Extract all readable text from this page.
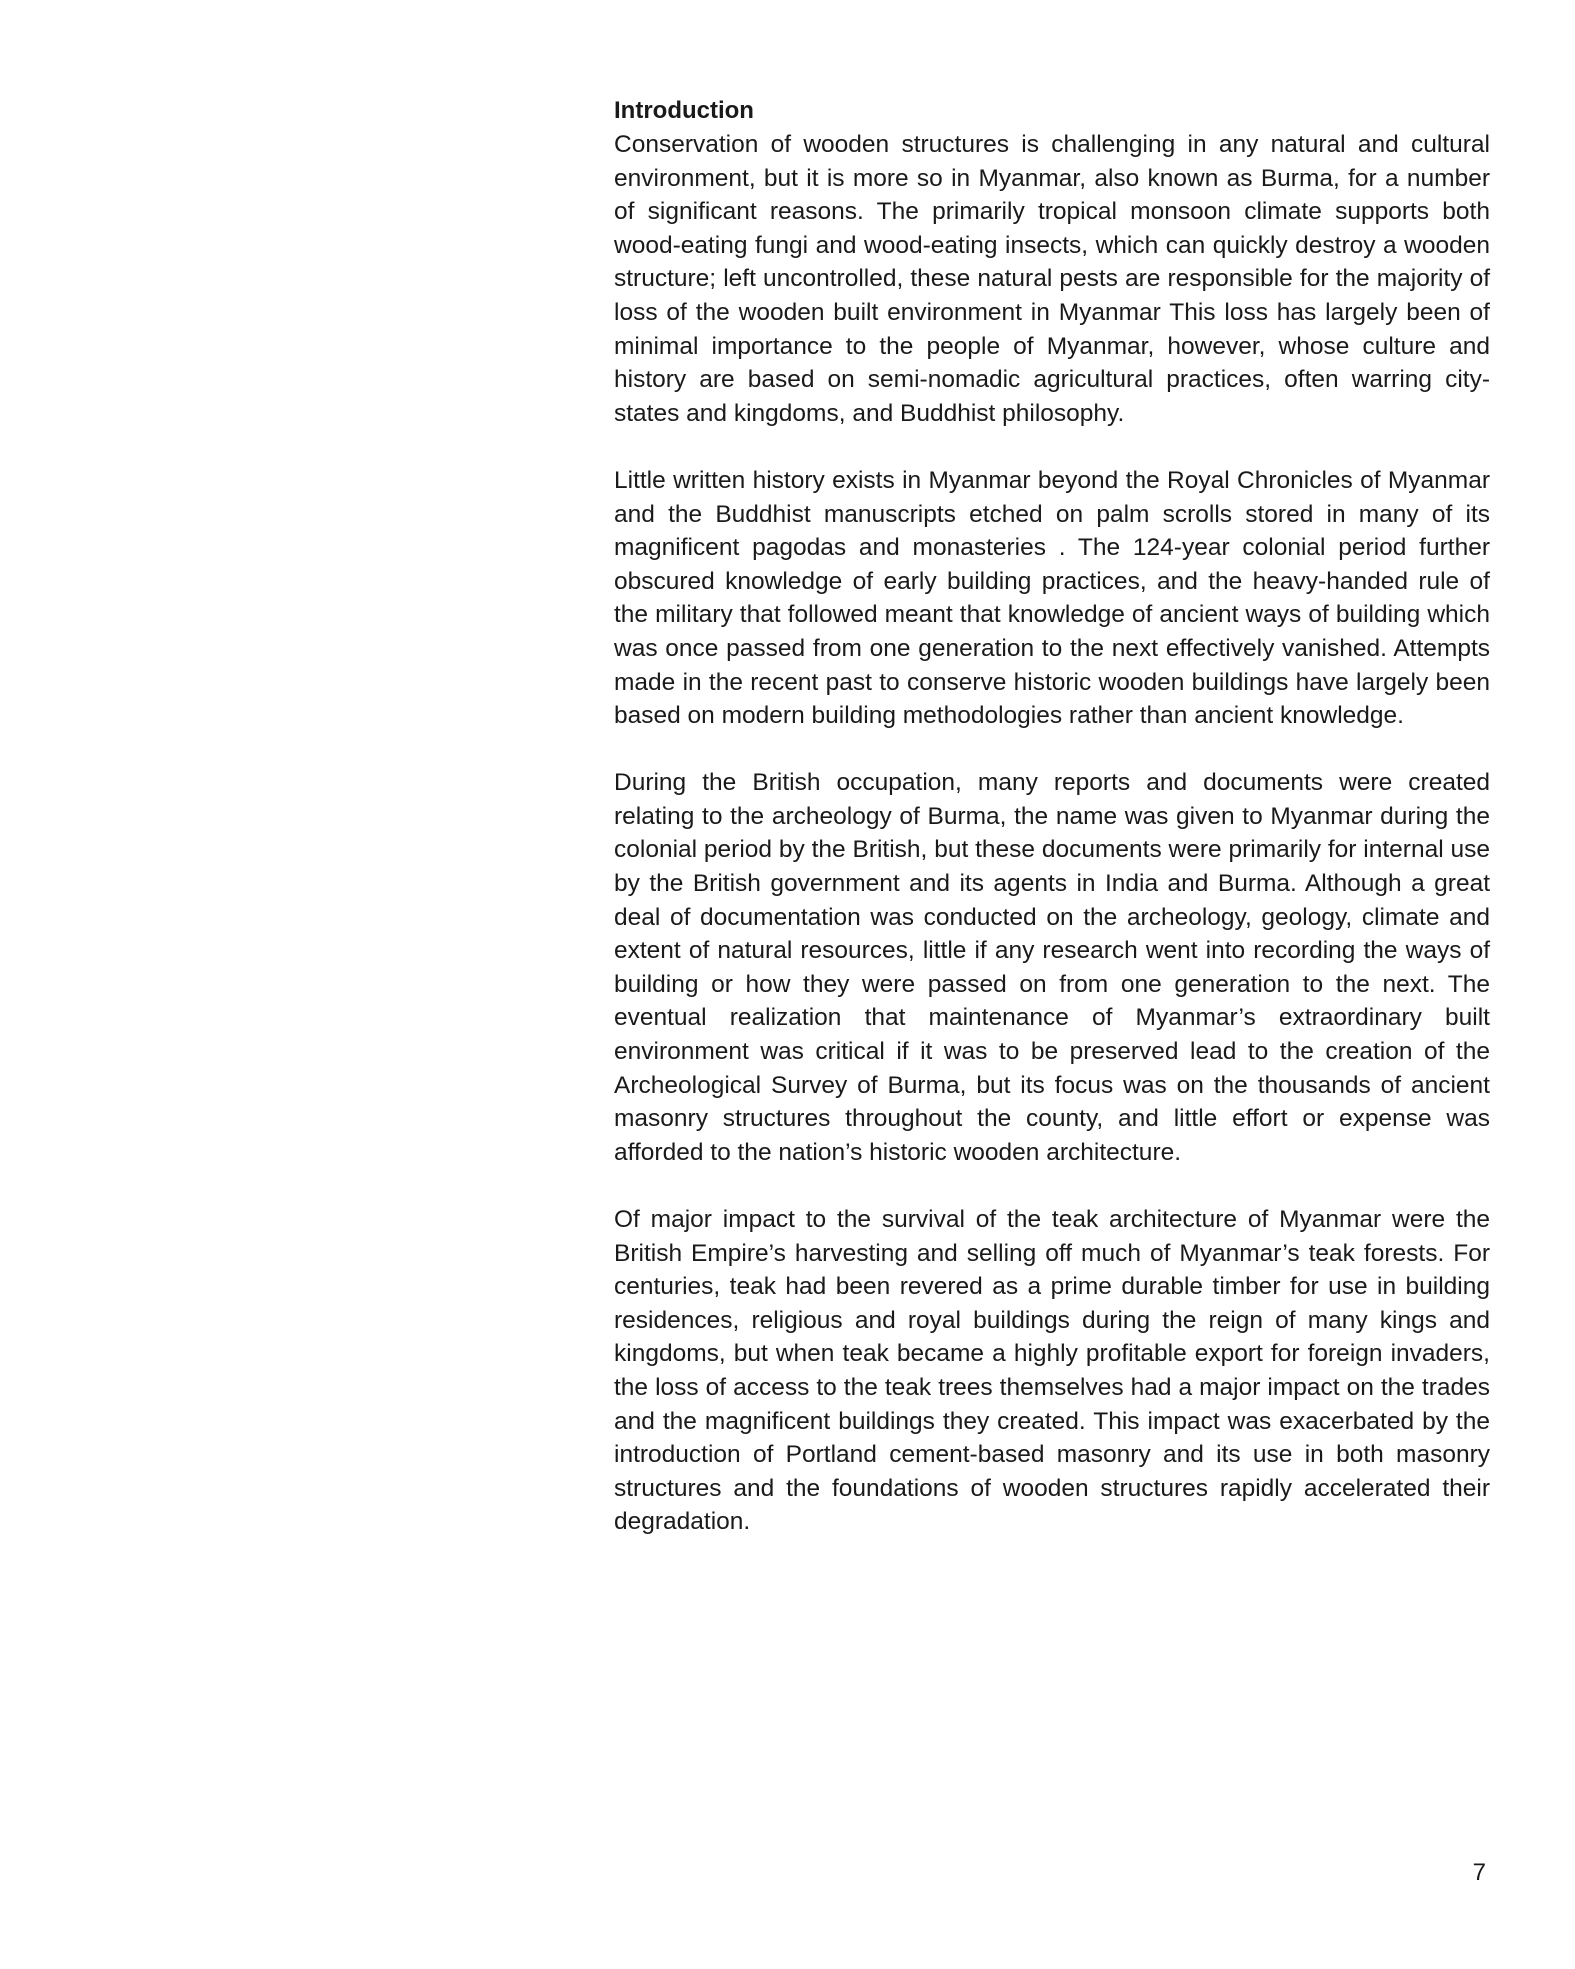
Introduction

Conservation of wooden structures is challenging in any natural and cultural environment, but it is more so in Myanmar, also known as Burma, for a number of significant reasons. The primarily tropical monsoon climate supports both wood-eating fungi and wood-eating insects, which can quickly destroy a wooden structure; left uncontrolled, these natural pests are responsible for the majority of loss of the wooden built environment in Myanmar This loss has largely been of minimal importance to the people of Myanmar, however, whose culture and history are based on semi-nomadic agricultural practices, often warring city-states and kingdoms, and Buddhist philosophy.

Little written history exists in Myanmar beyond the Royal Chronicles of Myanmar and the Buddhist manuscripts etched on palm scrolls stored in many of its magnificent pagodas and monasteries . The 124-year colonial period further obscured knowledge of early building practices, and the heavy-handed rule of the military that followed meant that knowledge of ancient ways of building which was once passed from one generation to the next effectively vanished. Attempts made in the recent past to conserve historic wooden buildings have largely been based on modern building methodologies rather than ancient knowledge.

During the British occupation, many reports and documents were created relating to the archeology of Burma, the name was given to Myanmar during the colonial period by the British, but these documents were primarily for internal use by the British government and its agents in India and Burma. Although a great deal of documentation was conducted on the archeology, geology, climate and extent of natural resources, little if any research went into recording the ways of building or how they were passed on from one generation to the next. The eventual realization that maintenance of Myanmar’s extraordinary built environment was critical if it was to be preserved lead to the creation of the Archeological Survey of Burma, but its focus was on the thousands of ancient masonry structures throughout the county, and little effort or expense was afforded to the nation’s historic wooden architecture.

Of major impact to the survival of the teak architecture of Myanmar were the British Empire’s harvesting and selling off much of Myanmar’s teak forests. For centuries, teak had been revered as a prime durable timber for use in building residences, religious and royal buildings during the reign of many kings and kingdoms, but when teak became a highly profitable export for foreign invaders, the loss of access to the teak trees themselves had a major impact on the trades and the magnificent buildings they created. This impact was exacerbated by the introduction of Portland cement-based masonry and its use in both masonry structures and the foundations of wooden structures rapidly accelerated their degradation.

7
